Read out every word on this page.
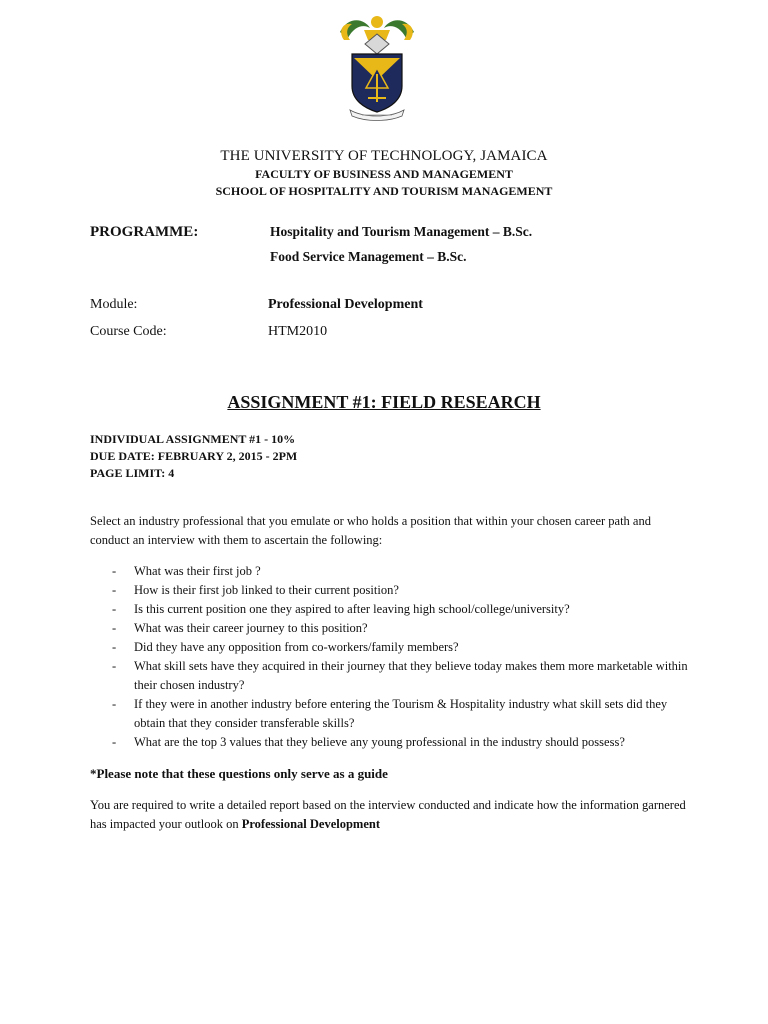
THE UNIVERSITY OF TECHNOLOGY, JAMAICA
FACULTY OF BUSINESS AND MANAGEMENT
SCHOOL OF HOSPITALITY AND TOURISM MANAGEMENT
PROGRAMME:	Hospitality and Tourism Management – B.Sc.
Food Service Management – B.Sc.
Module:	Professional Development
Course Code:	HTM2010
ASSIGNMENT #1: FIELD RESEARCH
INDIVIDUAL ASSIGNMENT #1 - 10%
DUE DATE: FEBRUARY 2, 2015 - 2PM
PAGE LIMIT: 4
Select an industry professional that you emulate or who holds a position that within your chosen career path and conduct an interview with them to ascertain the following:
- What was their first job ?
- How is their first job linked to their current position?
- Is this current position one they aspired to after leaving high school/college/university?
- What was their career journey to this position?
- Did they have any opposition from co-workers/family members?
- What skill sets have they acquired in their journey that they believe today makes them more marketable within their chosen industry?
- If they were in another industry before entering the Tourism & Hospitality industry what skill sets did they obtain that they consider transferable skills?
- What are the top 3 values that they believe any young professional in the industry should possess?
*Please note that these questions only serve as a guide
You are required to write a detailed report based on the interview conducted and indicate how the information garnered has impacted your outlook on Professional Development
